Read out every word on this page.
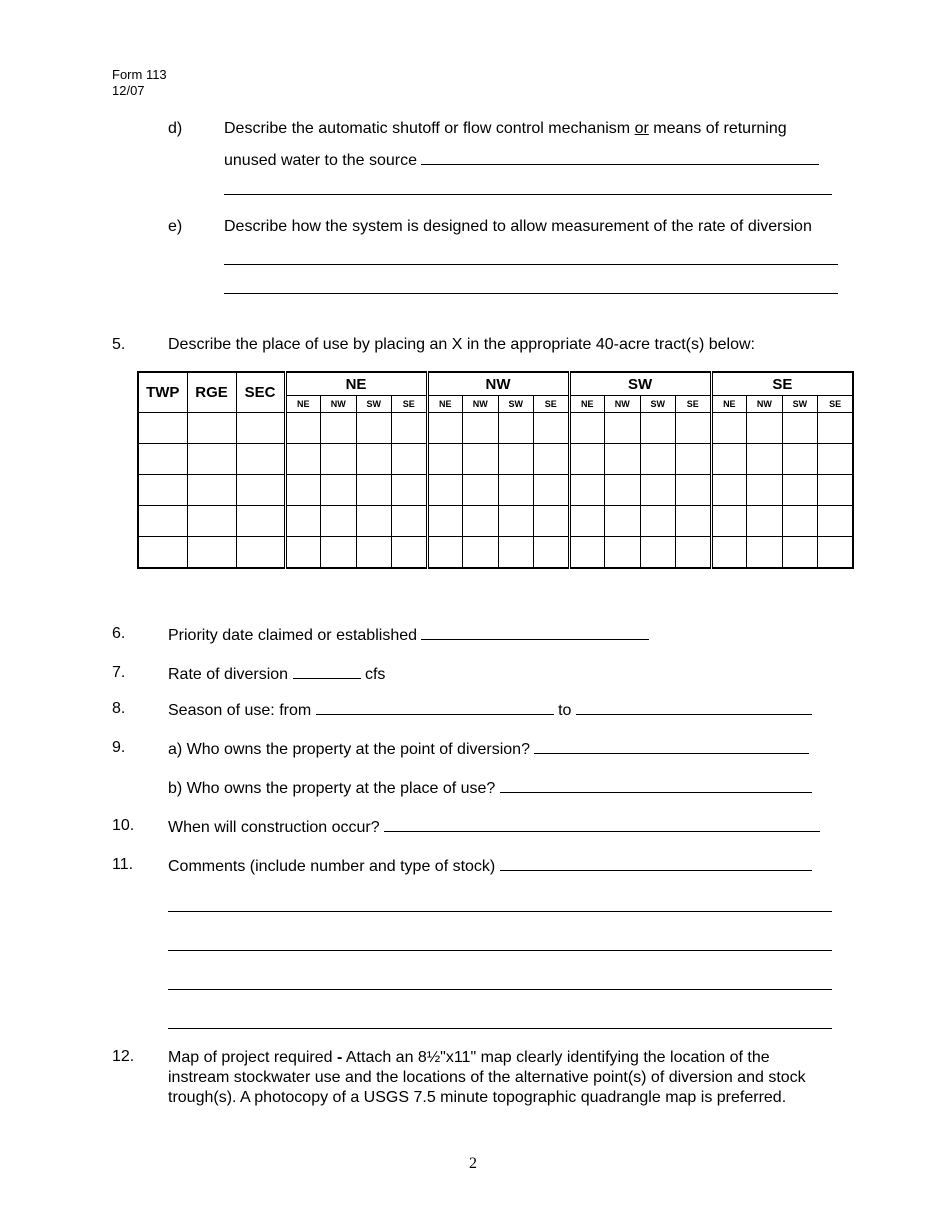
Form 113
12/07
d)	Describe the automatic shutoff or flow control mechanism or means of returning
unused water to the source
e)	Describe how the system is designed to allow measurement of the rate of diversion
5.	Describe the place of use by placing an X in the appropriate 40-acre tract(s) below:
TWP	RGE	SEC	NE				NW				SW				SE			
			NE	NW	SW	SE	NE	NW	SW	SE	NE	NW	SW	SE	NE	NW	SW	SE

6.	Priority date claimed or established
7.	Rate of diversion	cfs
8.	Season of use: from	to
9.	a) Who owns the property at the point of diversion?
b) Who owns the property at the place of use?
10. When will construction occur?
11. Comments (include number and type of stock)
12. Map of project required - Attach an 8½"x11" map clearly identifying the location of the instream stockwater use and the locations of the alternative point(s) of diversion and stock trough(s). A photocopy of a USGS 7.5 minute topographic quadrangle map is preferred.
2
